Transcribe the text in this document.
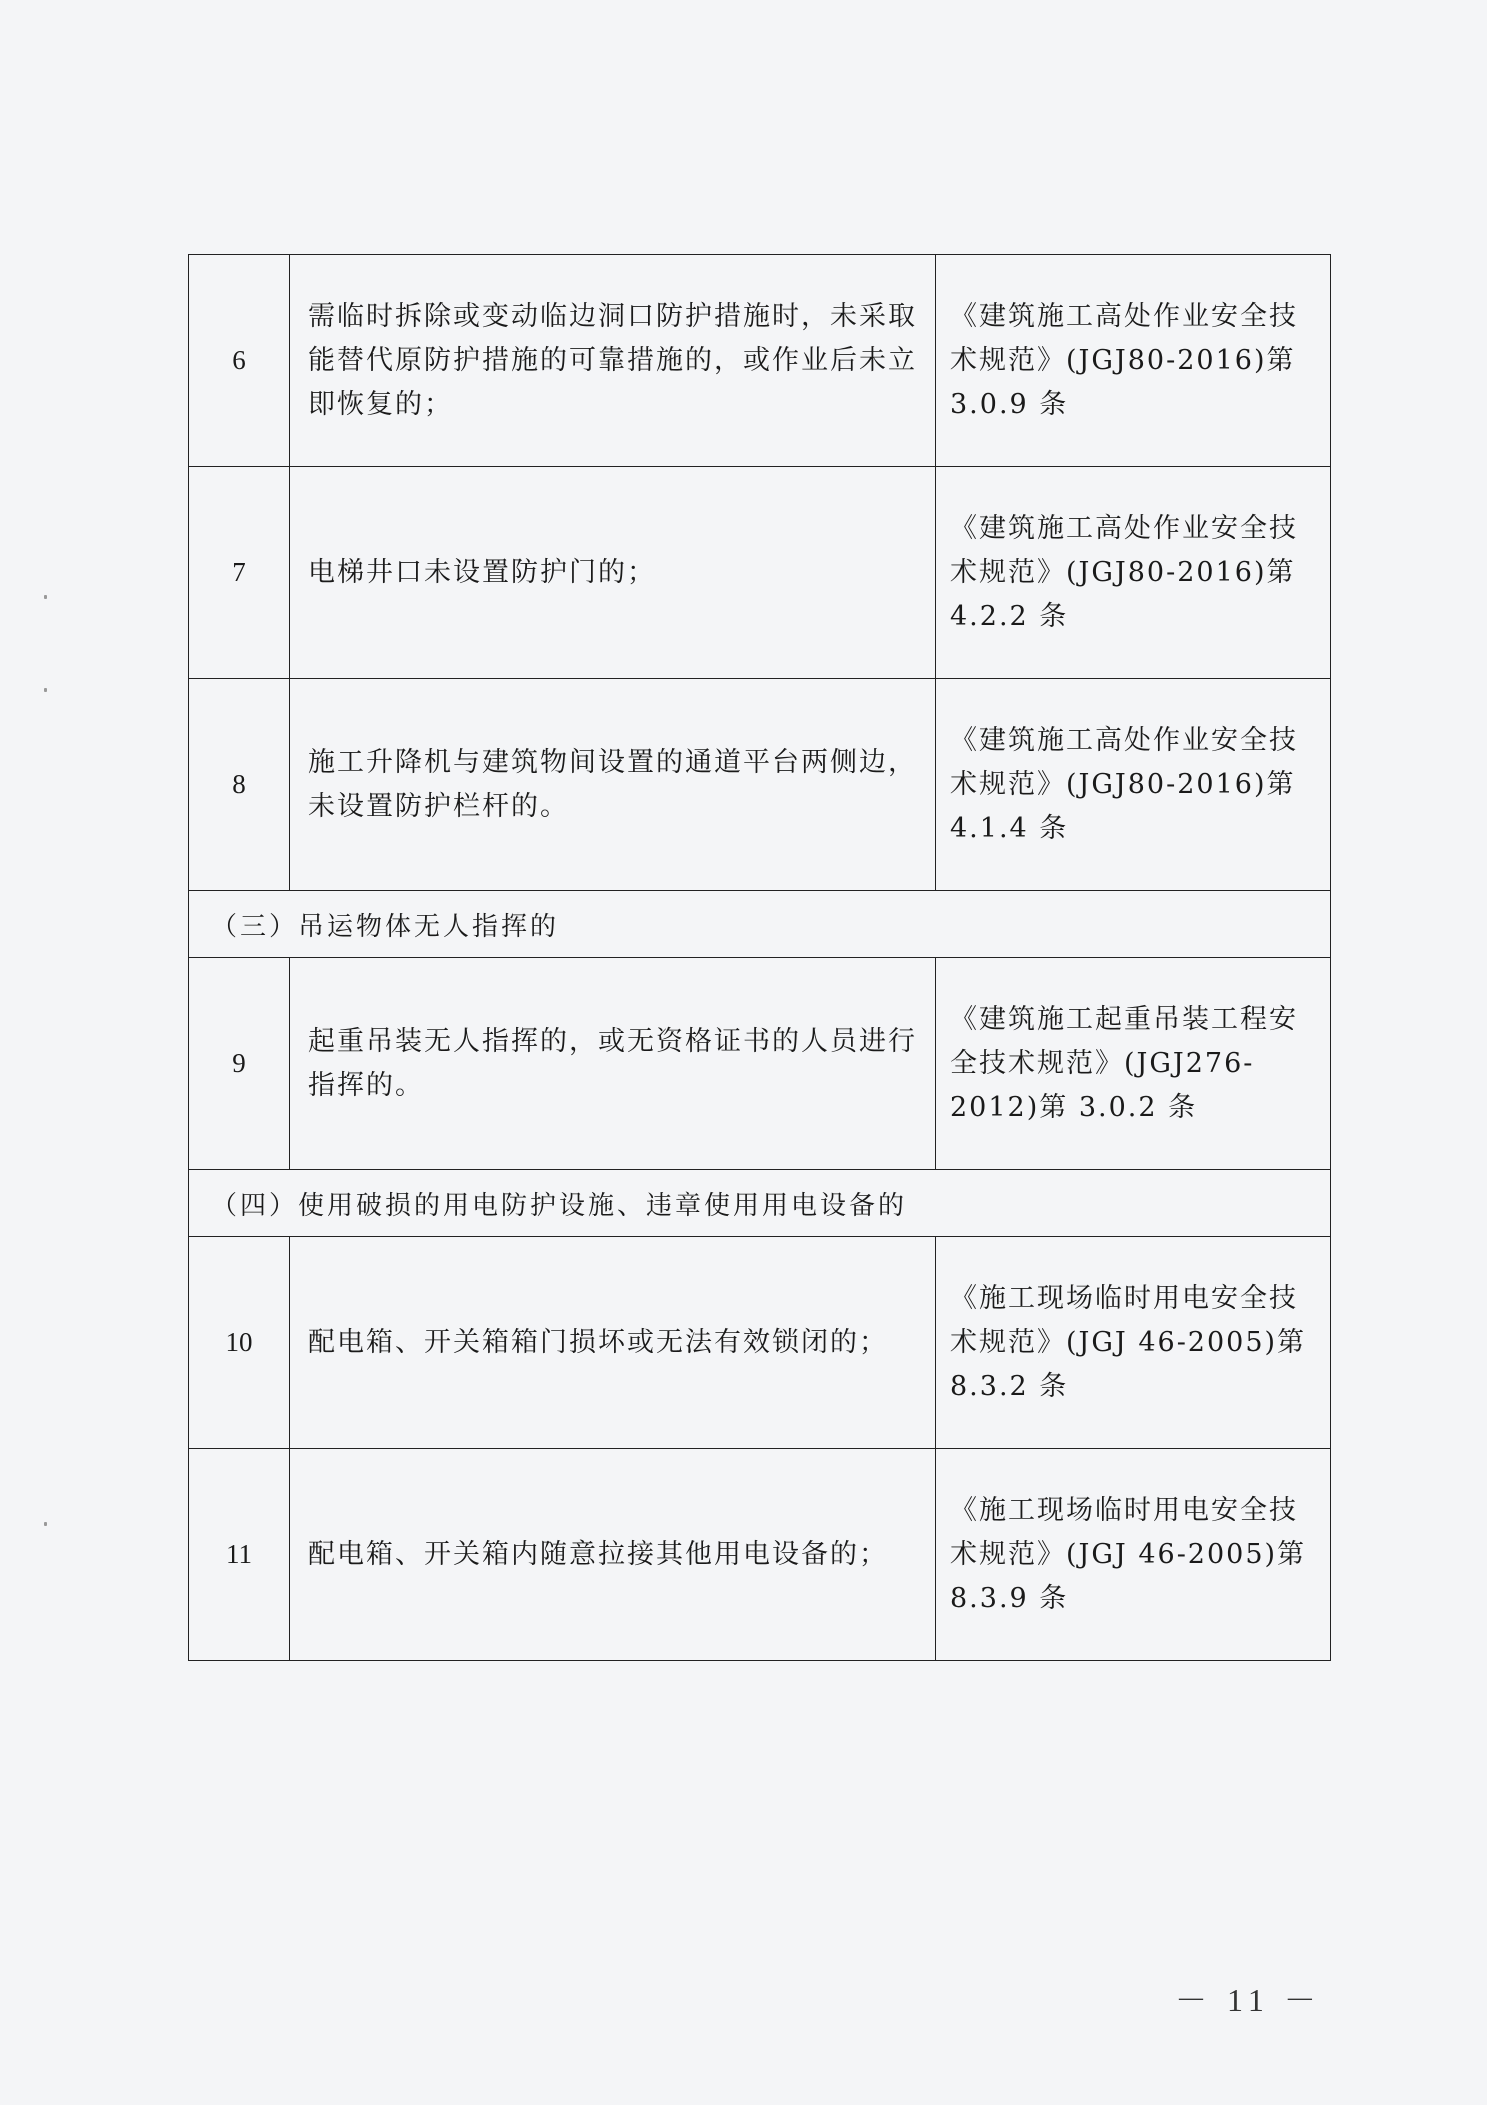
6	需临时拆除或变动临边洞口防护措施时，未采取能替代原防护措施的可靠措施的，或作业后未立即恢复的；	《建筑施工高处作业安全技术规范》(JGJ80-2016)第 3.0.9 条
7	电梯井口未设置防护门的；	《建筑施工高处作业安全技术规范》(JGJ80-2016)第 4.2.2 条
8	施工升降机与建筑物间设置的通道平台两侧边，未设置防护栏杆的。	《建筑施工高处作业安全技术规范》(JGJ80-2016)第 4.1.4 条
（三）吊运物体无人指挥的		
9	起重吊装无人指挥的，或无资格证书的人员进行指挥的。	《建筑施工起重吊装工程安全技术规范》(JGJ276-2012)第 3.0.2 条
（四）使用破损的用电防护设施、违章使用用电设备的		
10	配电箱、开关箱箱门损坏或无法有效锁闭的；	《施工现场临时用电安全技术规范》(JGJ 46-2005)第 8.3.2 条
11	配电箱、开关箱内随意拉接其他用电设备的；	《施工现场临时用电安全技术规范》(JGJ 46-2005)第 8.3.9 条
－ 11 －
